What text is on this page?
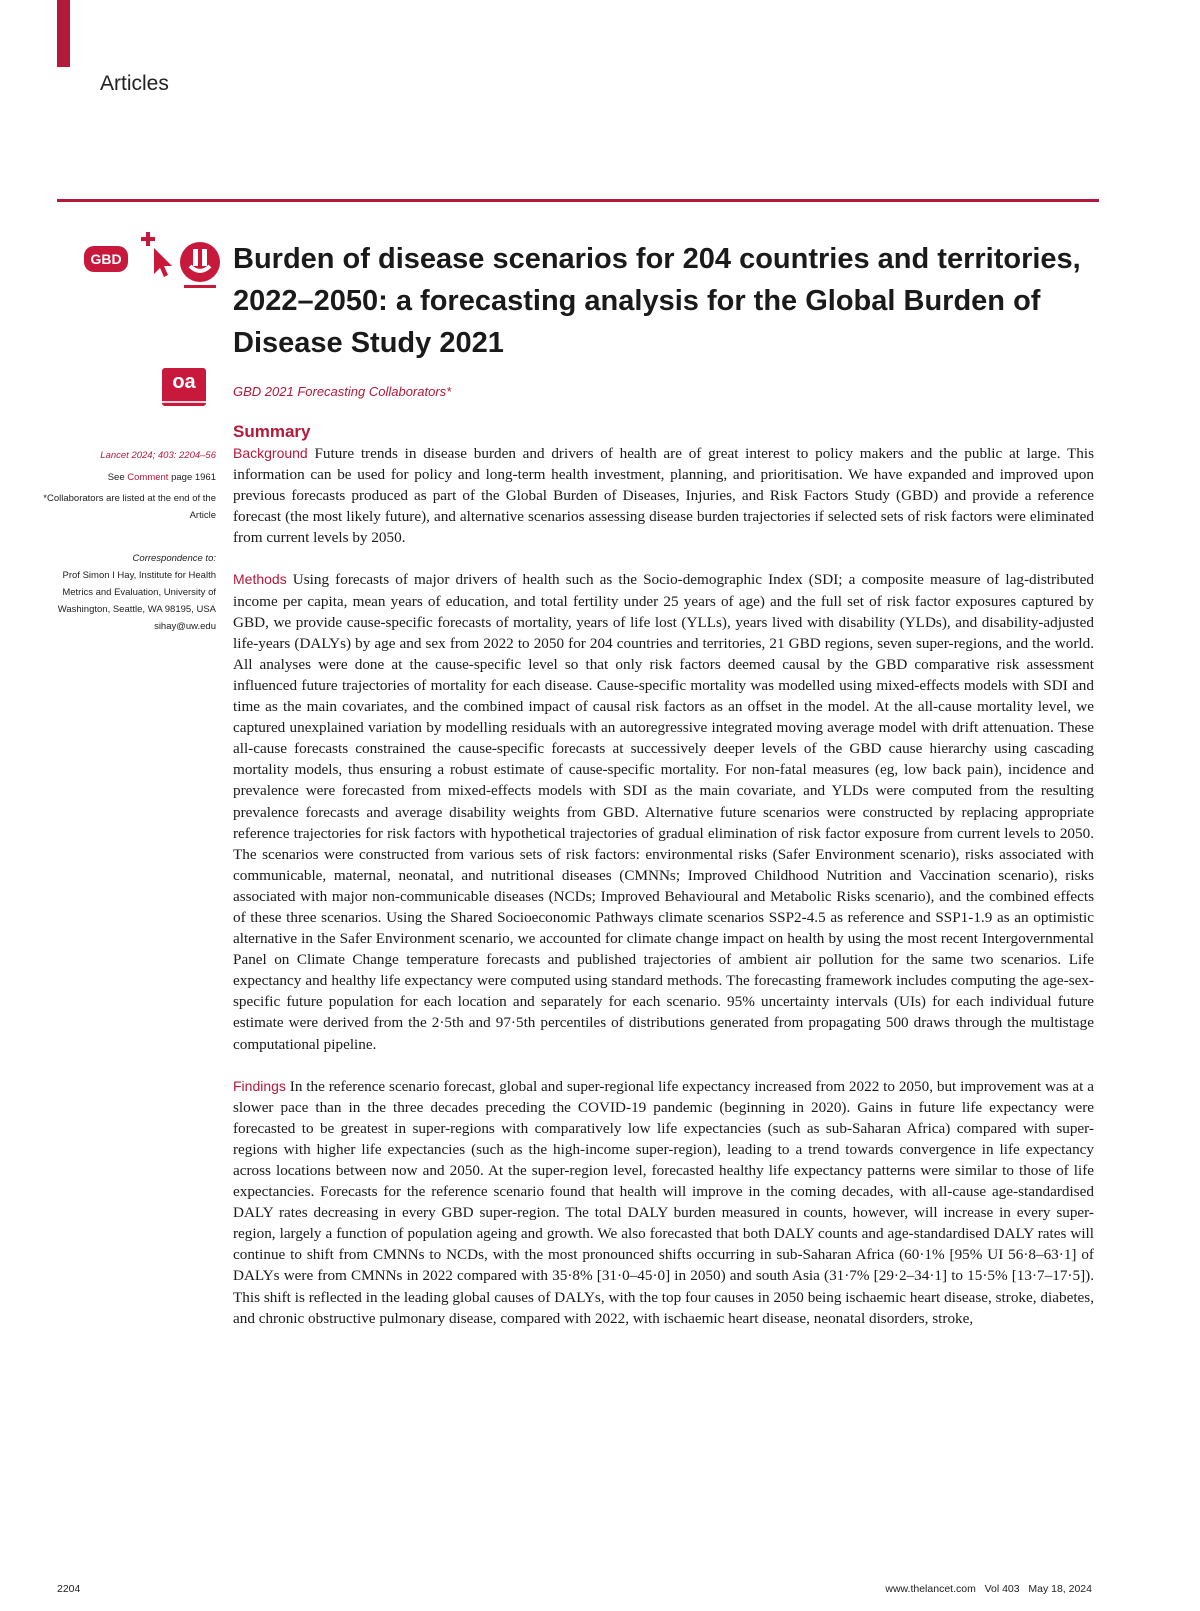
Articles
GBD	Burden of disease scenarios for 204 countries and territories, 2022–2050: a forecasting analysis for the Global Burden of Disease Study 2021
oa	GBD 2021 Forecasting Collaborators*
Lancet 2024; 403: 2204–56
See Comment page 1961
*Collaborators are listed at the end of the Article
Correspondence to:
Prof Simon I Hay, Institute for Health Metrics and Evaluation, University of Washington, Seattle, WA 98195, USA
sihay@uw.edu
Summary

Background Future trends in disease burden and drivers of health are of great interest to policy makers and the public at large. This information can be used for policy and long-term health investment, planning, and prioritisation. We have expanded and improved upon previous forecasts produced as part of the Global Burden of Diseases, Injuries, and Risk Factors Study (GBD) and provide a reference forecast (the most likely future), and alternative scenarios assessing disease burden trajectories if selected sets of risk factors were eliminated from current levels by 2050.

Methods Using forecasts of major drivers of health such as the Socio-demographic Index (SDI; a composite measure of lag-distributed income per capita, mean years of education, and total fertility under 25 years of age) and the full set of risk factor exposures captured by GBD, we provide cause-specific forecasts of mortality, years of life lost (YLLs), years lived with disability (YLDs), and disability-adjusted life-years (DALYs) by age and sex from 2022 to 2050 for 204 countries and territories, 21 GBD regions, seven super-regions, and the world. All analyses were done at the cause-specific level so that only risk factors deemed causal by the GBD comparative risk assessment influenced future trajectories of mortality for each disease. Cause-specific mortality was modelled using mixed-effects models with SDI and time as the main covariates, and the combined impact of causal risk factors as an offset in the model. At the all-cause mortality level, we captured unexplained variation by modelling residuals with an autoregressive integrated moving average model with drift attenuation. These all-cause forecasts constrained the cause-specific forecasts at successively deeper levels of the GBD cause hierarchy using cascading mortality models, thus ensuring a robust estimate of cause-specific mortality. For non-fatal measures (eg, low back pain), incidence and prevalence were forecasted from mixed-effects models with SDI as the main covariate, and YLDs were computed from the resulting prevalence forecasts and average disability weights from GBD. Alternative future scenarios were constructed by replacing appropriate reference trajectories for risk factors with hypothetical trajectories of gradual elimination of risk factor exposure from current levels to 2050. The scenarios were constructed from various sets of risk factors: environmental risks (Safer Environment scenario), risks associated with communicable, maternal, neonatal, and nutritional diseases (CMNNs; Improved Childhood Nutrition and Vaccination scenario), risks associated with major non-communicable diseases (NCDs; Improved Behavioural and Metabolic Risks scenario), and the combined effects of these three scenarios. Using the Shared Socioeconomic Pathways climate scenarios SSP2-4.5 as reference and SSP1-1.9 as an optimistic alternative in the Safer Environment scenario, we accounted for climate change impact on health by using the most recent Intergovernmental Panel on Climate Change temperature forecasts and published trajectories of ambient air pollution for the same two scenarios. Life expectancy and healthy life expectancy were computed using standard methods. The forecasting framework includes computing the age-sex-specific future population for each location and separately for each scenario. 95% uncertainty intervals (UIs) for each individual future estimate were derived from the 2·5th and 97·5th percentiles of distributions generated from propagating 500 draws through the multistage computational pipeline.

Findings In the reference scenario forecast, global and super-regional life expectancy increased from 2022 to 2050, but improvement was at a slower pace than in the three decades preceding the COVID-19 pandemic (beginning in 2020). Gains in future life expectancy were forecasted to be greatest in super-regions with comparatively low life expectancies (such as sub-Saharan Africa) compared with super-regions with higher life expectancies (such as the high-income super-region), leading to a trend towards convergence in life expectancy across locations between now and 2050. At the super-region level, forecasted healthy life expectancy patterns were similar to those of life expectancies. Forecasts for the reference scenario found that health will improve in the coming decades, with all-cause age-standardised DALY rates decreasing in every GBD super-region. The total DALY burden measured in counts, however, will increase in every super-region, largely a function of population ageing and growth. We also forecasted that both DALY counts and age-standardised DALY rates will continue to shift from CMNNs to NCDs, with the most pronounced shifts occurring in sub-Saharan Africa (60·1% [95% UI 56·8–63·1] of DALYs were from CMNNs in 2022 compared with 35·8% [31·0–45·0] in 2050) and south Asia (31·7% [29·2–34·1] to 15·5% [13·7–17·5]). This shift is reflected in the leading global causes of DALYs, with the top four causes in 2050 being ischaemic heart disease, stroke, diabetes, and chronic obstructive pulmonary disease, compared with 2022, with ischaemic heart disease, neonatal disorders, stroke,

2204	www.thelancet.com   Vol 403   May 18, 2024
